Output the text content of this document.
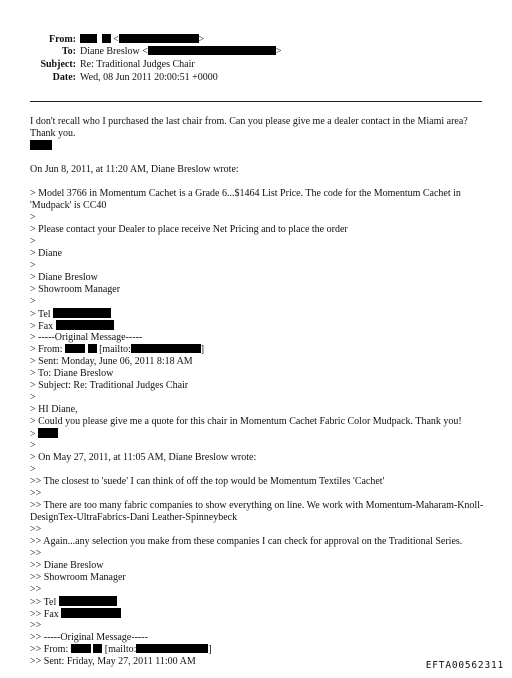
From:	<	>
To: Diane Breslow <	>
Subject: Re: Traditional Judges Chair
Date: Wed, 08 Jun 2011 20:00:51 +0000
I don't recall who I purchased the last chair from. Can you please give me a dealer contact in the Miami area?
Thank you.
On Jun 8, 2011, at 11:20 AM, Diane Breslow wrote:
> Model 3766 in Momentum Cachet is a Grade 6...$1464 List Price. The code for the Momentum Cachet in
'Mudpack' is CC40
>
> Please contact your Dealer to place receive Net Pricing and to place the order
>
> Diane
>
> Diane Breslow
> Showroom Manager
>
> Tel
> Fax
> -----Original Message-----
> From:	[mailto:	]
> Sent: Monday, June 06, 2011 8:18 AM
> To: Diane Breslow
> Subject: Re: Traditional Judges Chair
>
> HI Diane,
> Could you please give me a quote for this chair in Momentum Cachet Fabric Color Mudpack. Thank you!
>
>
> On May 27, 2011, at 11:05 AM, Diane Breslow wrote:
>
>> The closest to 'suede' I can think of off the top would be Momentum Textiles 'Cachet'
>>
>> There are too many fabric companies to show everything on line. We work with Momentum-Maharam-Knoll-
DesignTex-UltraFabrics-Dani Leather-Spinneybeck
>>
>> Again...any selection you make from these companies I can check for approval on the Traditional Series.
>>
>> Diane Breslow
>> Showroom Manager
>>
>> Tel
>> Fax
>>
>> -----Original Message-----
>> From:	[mailto:	]
>> Sent: Friday, May 27, 2011 11:00 AM	EFTA00562311
